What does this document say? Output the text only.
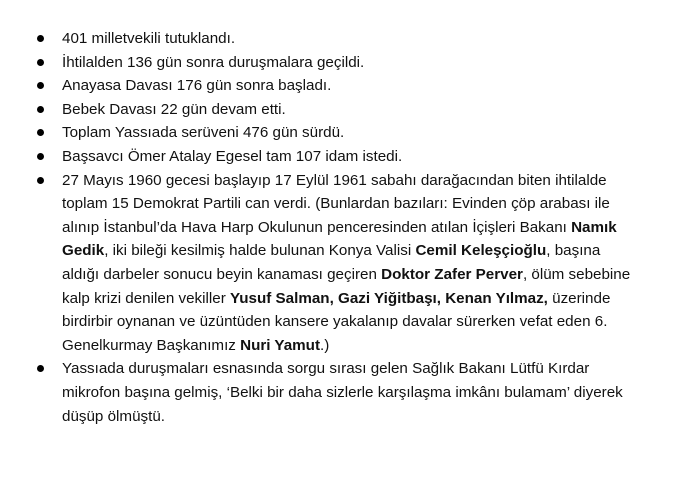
401 milletvekili tutuklandı.
İhtilalden 136 gün sonra duruşmalara geçildi.
Anayasa Davası 176 gün sonra başladı.
Bebek Davası 22 gün devam etti.
Toplam Yassıada serüveni 476 gün sürdü.
Başsavcı Ömer Atalay Egesel tam 107 idam istedi.
27 Mayıs 1960 gecesi başlayıp 17 Eylül 1961 sabahı darağacından biten ihtilalde toplam 15 Demokrat Partili can verdi. (Bunlardan bazıları: Evinden çöp arabası ile alınıp İstanbul’da Hava Harp Okulunun penceresinden atılan İçişleri Bakanı Namık Gedik, iki bileği kesilmiş halde bulunan Konya Valisi Cemil Keleşçioğlu, başına aldığı darbeler sonucu beyin kanaması geçiren Doktor Zafer Perver, ölüm sebebine kalp krizi denilen vekiller Yusuf Salman, Gazi Yiğitbaşı, Kenan Yılmaz, üzerinde birdirbir oynanan ve üzüntüden kansere yakalanıp davalar sürerken vefat eden 6. Genelkurmay Başkanımız Nuri Yamut.)
Yassıada duruşmaları esnasında sorgu sırası gelen Sağlık Bakanı Lütfü Kırdar mikrofon başına gelmiş, ‘Belki bir daha sizlerle karşılaşma imkânı bulamam’ diyerek düşüp ölmüştü.
